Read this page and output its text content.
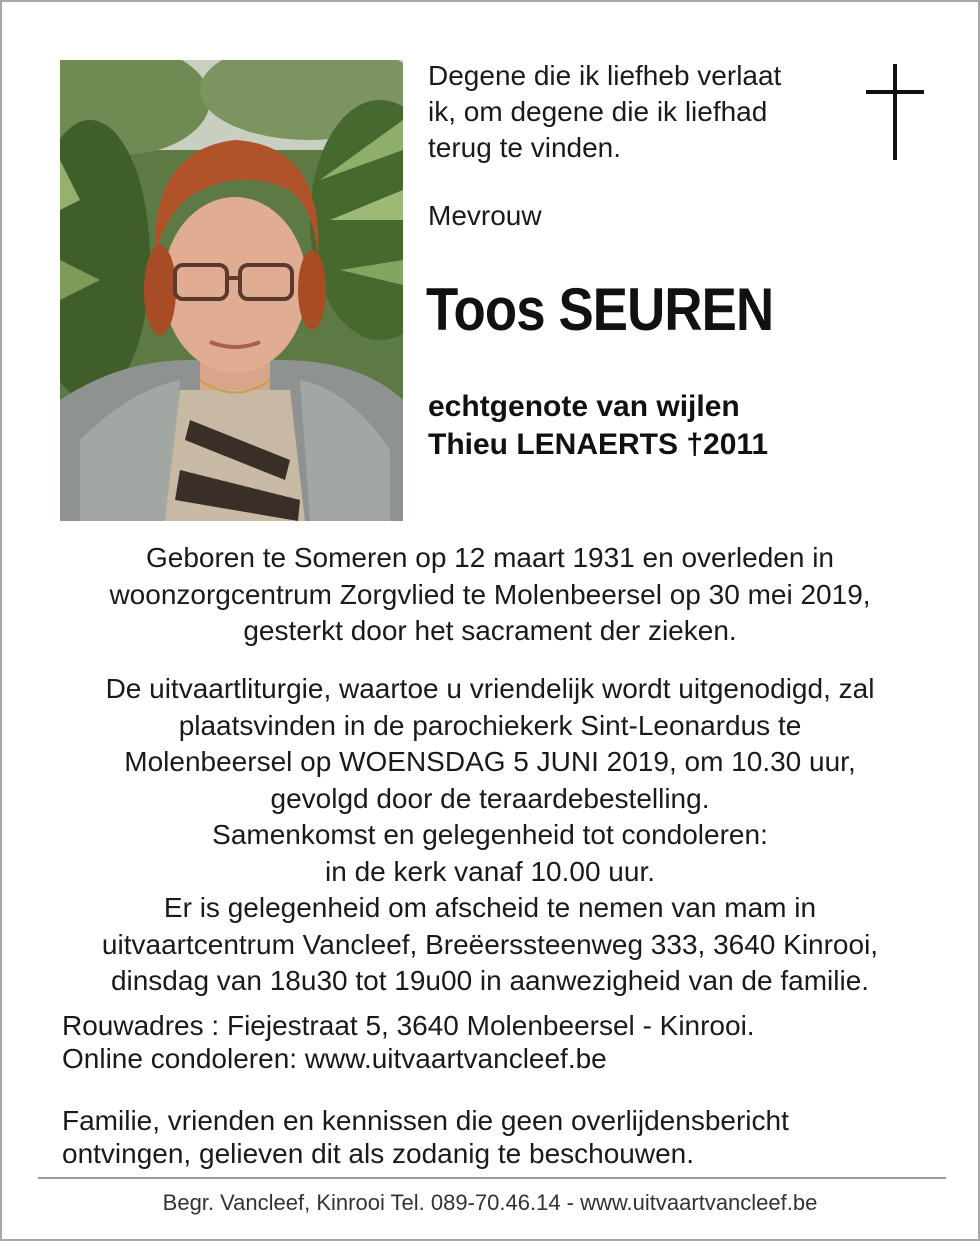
Degene die ik liefheb verlaat
ik, om degene die ik liefhad
terug te vinden.
Mevrouw
Toos SEUREN
echtgenote van wijlen
Thieu LENAERTS †2011
Geboren te Someren op 12 maart 1931 en overleden in
woonzorgcentrum Zorgvlied te Molenbeersel op 30 mei 2019,
gesterkt door het sacrament der zieken.
De uitvaartliturgie, waartoe u vriendelijk wordt uitgenodigd, zal
plaatsvinden in de parochiekerk Sint-Leonardus te
Molenbeersel op WOENSDAG 5 JUNI 2019, om 10.30 uur,
gevolgd door de teraardebestelling.
Samenkomst en gelegenheid tot condoleren:
in de kerk vanaf 10.00 uur.
Er is gelegenheid om afscheid te nemen van mam in
uitvaartcentrum Vancleef, Breëerssteenweg 333, 3640 Kinrooi,
dinsdag van 18u30 tot 19u00 in aanwezigheid van de familie.
Rouwadres : Fiejestraat 5, 3640 Molenbeersel - Kinrooi.
Online condoleren: www.uitvaartvancleef.be
Familie, vrienden en kennissen die geen overlijdensbericht
ontvingen, gelieven dit als zodanig te beschouwen.
Begr. Vancleef, Kinrooi Tel. 089-70.46.14 - www.uitvaartvancleef.be
